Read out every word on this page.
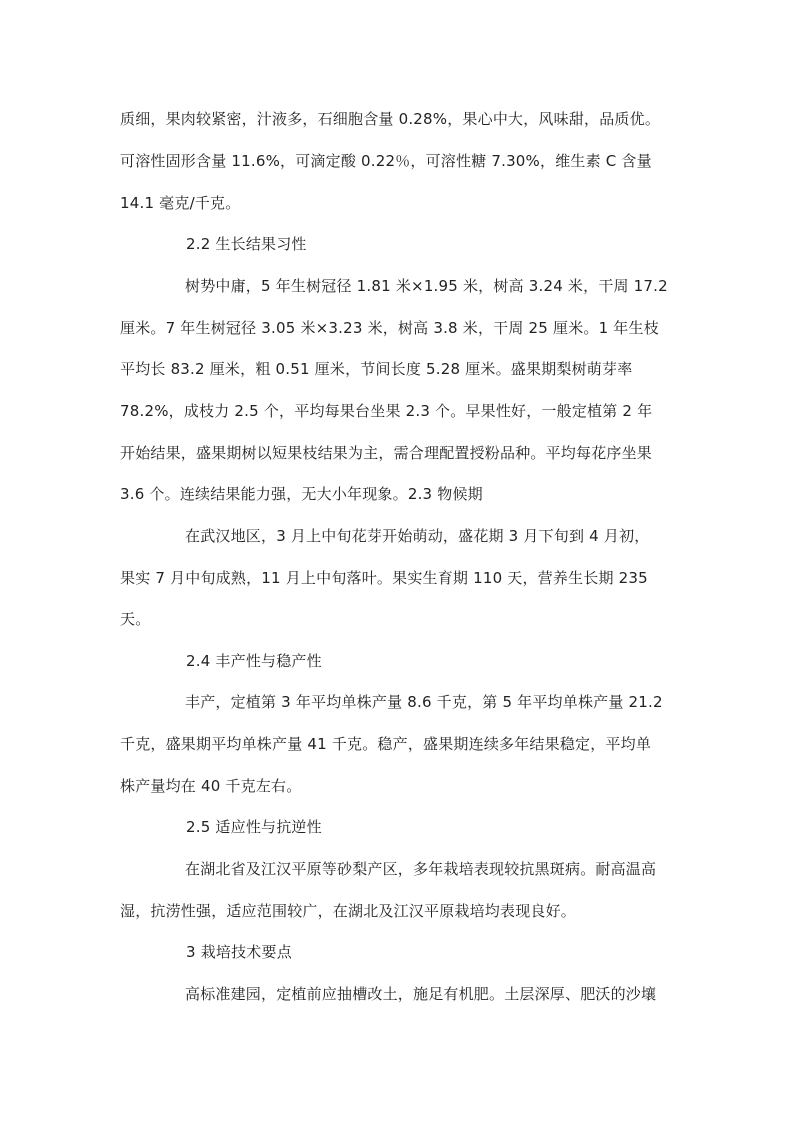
质细，果肉较紧密，汁液多，石细胞含量 0.28%，果心中大，风味甜，品质优。
可溶性固形含量 11.6%，可滴定酸 0.22％，可溶性糖 7.30%，维生素 C 含量
14.1 毫克/千克。
2.2 生长结果习性
树势中庸，5 年生树冠径 1.81 米×1.95 米，树高 3.24 米，干周 17.2
厘米。7 年生树冠径 3.05 米×3.23 米，树高 3.8 米，干周 25 厘米。1 年生枝
平均长 83.2 厘米，粗 0.51 厘米，节间长度 5.28 厘米。盛果期梨树萌芽率
78.2%，成枝力 2.5 个，平均每果台坐果 2.3 个。早果性好，一般定植第 2 年
开始结果，盛果期树以短果枝结果为主，需合理配置授粉品种。平均每花序坐果
3.6 个。连续结果能力强，无大小年现象。2.3 物候期
在武汉地区，3 月上中旬花芽开始萌动，盛花期 3 月下旬到 4 月初，
果实 7 月中旬成熟，11 月上中旬落叶。果实生育期 110 天，营养生长期 235
天。
2.4 丰产性与稳产性
丰产，定植第 3 年平均单株产量 8.6 千克，第 5 年平均单株产量 21.2
千克，盛果期平均单株产量 41 千克。稳产，盛果期连续多年结果稳定，平均单
株产量均在 40 千克左右。
2.5 适应性与抗逆性
在湖北省及江汉平原等砂梨产区，多年栽培表现较抗黑斑病。耐高温高
湿，抗涝性强，适应范围较广，在湖北及江汉平原栽培均表现良好。
3 栽培技术要点
高标准建园，定植前应抽槽改土，施足有机肥。土层深厚、肥沃的沙壤
